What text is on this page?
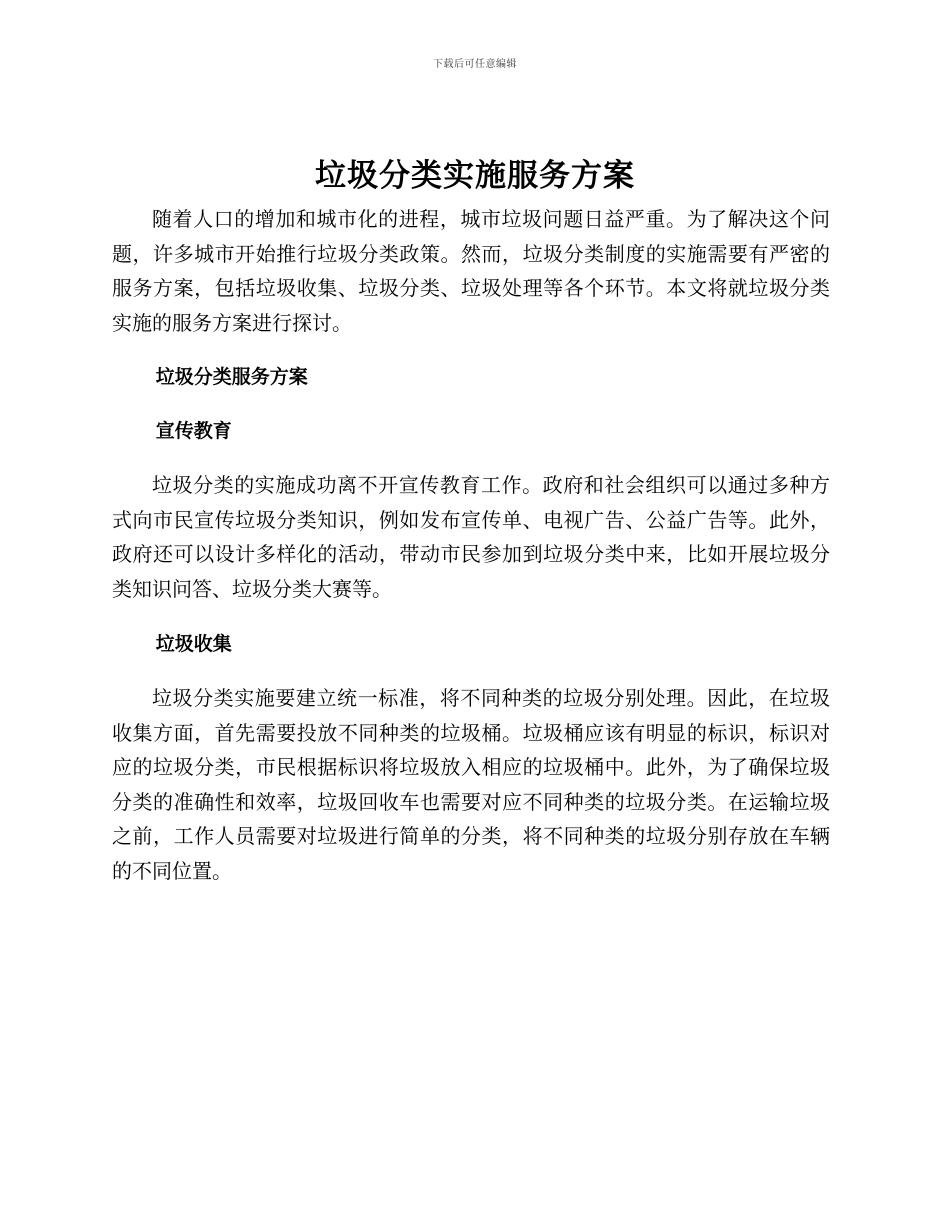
下载后可任意编辑
垃圾分类实施服务方案

随着人口的增加和城市化的进程，城市垃圾问题日益严重。为了解决这个问题，许多城市开始推行垃圾分类政策。然而，垃圾分类制度的实施需要有严密的服务方案，包括垃圾收集、垃圾分类、垃圾处理等各个环节。本文将就垃圾分类实施的服务方案进行探讨。

垃圾分类服务方案
宣传教育

垃圾分类的实施成功离不开宣传教育工作。政府和社会组织可以通过多种方式向市民宣传垃圾分类知识，例如发布宣传单、电视广告、公益广告等。此外，政府还可以设计多样化的活动，带动市民参加到垃圾分类中来，比如开展垃圾分类知识问答、垃圾分类大赛等。

垃圾收集

垃圾分类实施要建立统一标准，将不同种类的垃圾分别处理。因此，在垃圾收集方面，首先需要投放不同种类的垃圾桶。垃圾桶应该有明显的标识，标识对应的垃圾分类，市民根据标识将垃圾放入相应的垃圾桶中。此外，为了确保垃圾分类的准确性和效率，垃圾回收车也需要对应不同种类的垃圾分类。在运输垃圾之前，工作人员需要对垃圾进行简单的分类，将不同种类的垃圾分别存放在车辆的不同位置。
